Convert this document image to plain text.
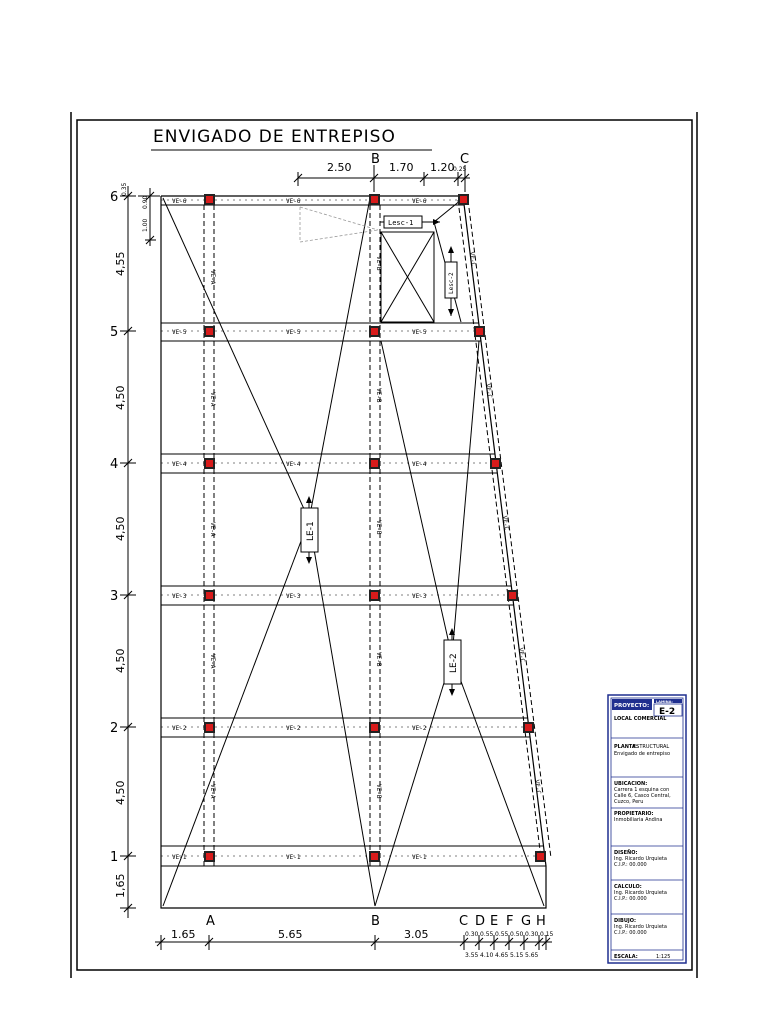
ENVIGADO DE ENTREPISO
VE-6	VE-6	VE-6
VE-5	VE-5	VE-5
VE-4	VE-4	VE-4
VE-3	VE-3	VE-3
VE-2	VE-2	VE-2
VE-1	VE-1	VE-1
VE-A
VE-A
VE-A
VE-A
VE-A
VE-B
VE-B
VE-B
VE-B
VE-B
VE-C
VE-C
VE-C
VE-C
VE-C
LE-1
LE-2
Lesc-1
Lesc-2
2.50	1.70 1.20
0.25
B	C
4,55
4,50
4,50
4,50
4,50
1,65
0.35
1.00
0.90
6
5
4
3
2
1
A	B	C D E F G H
1.65	5.65	3.05	0.30 0.55 0.55 0.50 0.30 0.15
3.55 4.10 4.65 5.15 5.65
PROYECTO:
LAMINA:
E-2
LOCAL COMERCIAL
PLANTA:
ESTRUCTURAL
Envigado de entrepiso
UBICACION:
Carrera 1 esquina con
Calle 6, Casco Central,
Cuzco, Peru
PROPIETARIO:
Inmobiliaria Andina
DISEÑO:
Ing. Ricardo Urquieta
C.I.P.: 00.000
CALCULO:
Ing. Ricardo Urquieta
C.I.P.: 00.000
DIBUJO:
Ing. Ricardo Urquieta
C.I.P.: 00.000
ESCALA:	1:125
